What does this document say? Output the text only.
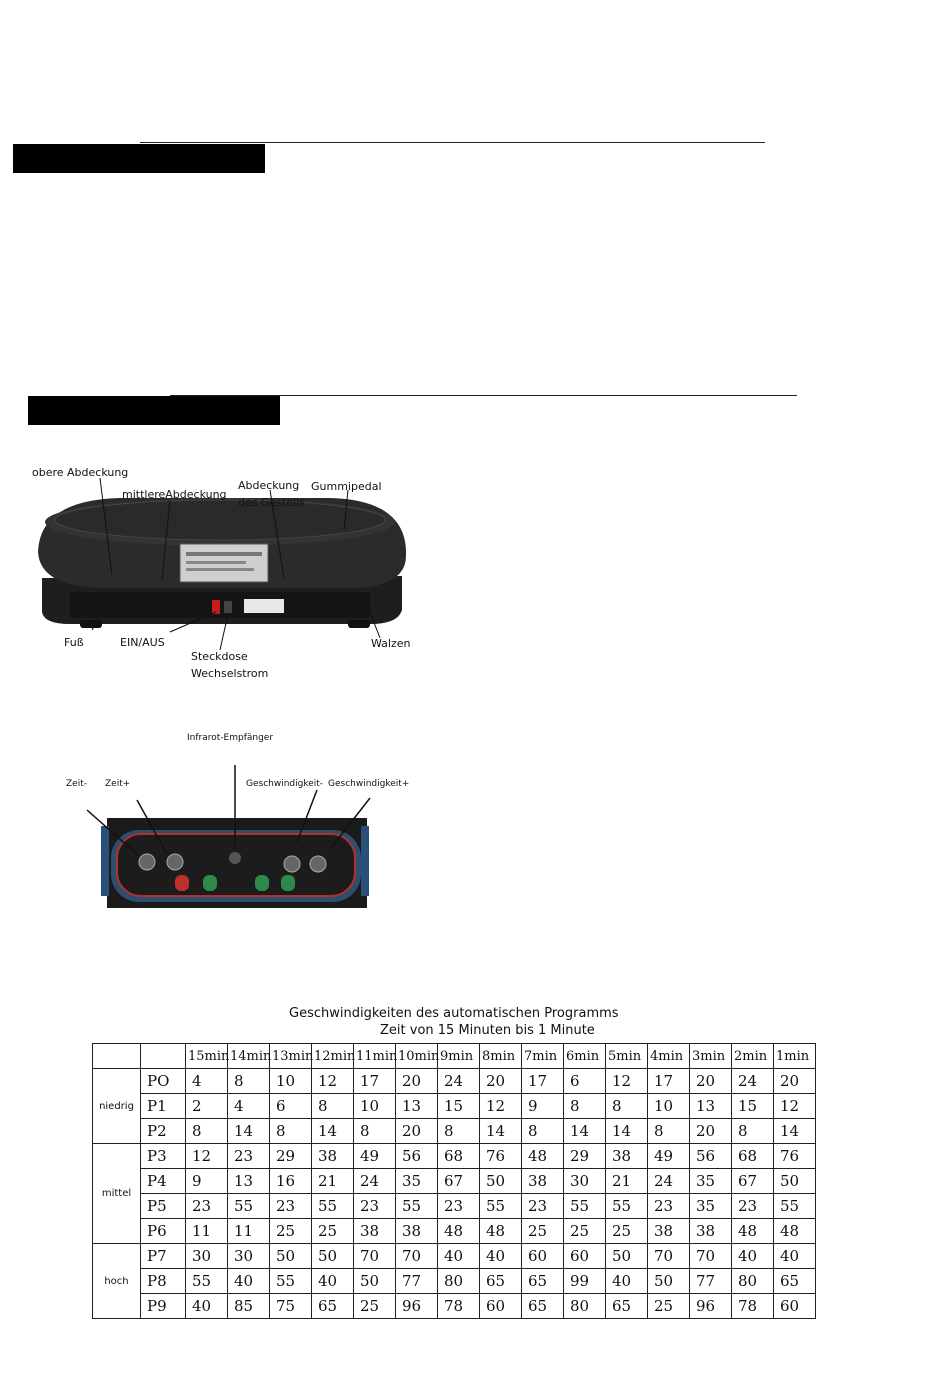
obere Abdeckung
mittlereAbdeckung
Abdeckung
des Gestells
Gummipedal
Fuß	EIN/AUS
Steckdose
Wechselstrom
Walzen
Infrarot-Empfänger
Zeit- Zeit+	Geschwindigkeit- Geschwindigkeit+
Geschwindigkeiten des automatischen Programms
Zeit von 15 Minuten bis 1 Minute
		15min	14min	13min	12min	11min	10min	9min	8min	7min	6min	5min	4min	3min	2min	1min
niedrig	PO	4	8	10	12	17	20	24	20	17	6	12	17	20	24	20
	P1	2	4	6	8	10	13	15	12	9	8	8	10	13	15	12
	P2	8	14	8	14	8	20	8	14	8	14	14	8	20	8	14
mittel	P3	12	23	29	38	49	56	68	76	48	29	38	49	56	68	76
	P4	9	13	16	21	24	35	67	50	38	30	21	24	35	67	50
	P5	23	55	23	55	23	55	23	55	23	55	55	23	35	23	55
	P6	11	11	25	25	38	38	48	48	25	25	25	38	38	48	48
hoch	P7	30	30	50	50	70	70	40	40	60	60	50	70	70	40	40
	P8	55	40	55	40	50	77	80	65	65	99	40	50	77	80	65
	P9	40	85	75	65	25	96	78	60	65	80	65	25	96	78	60
